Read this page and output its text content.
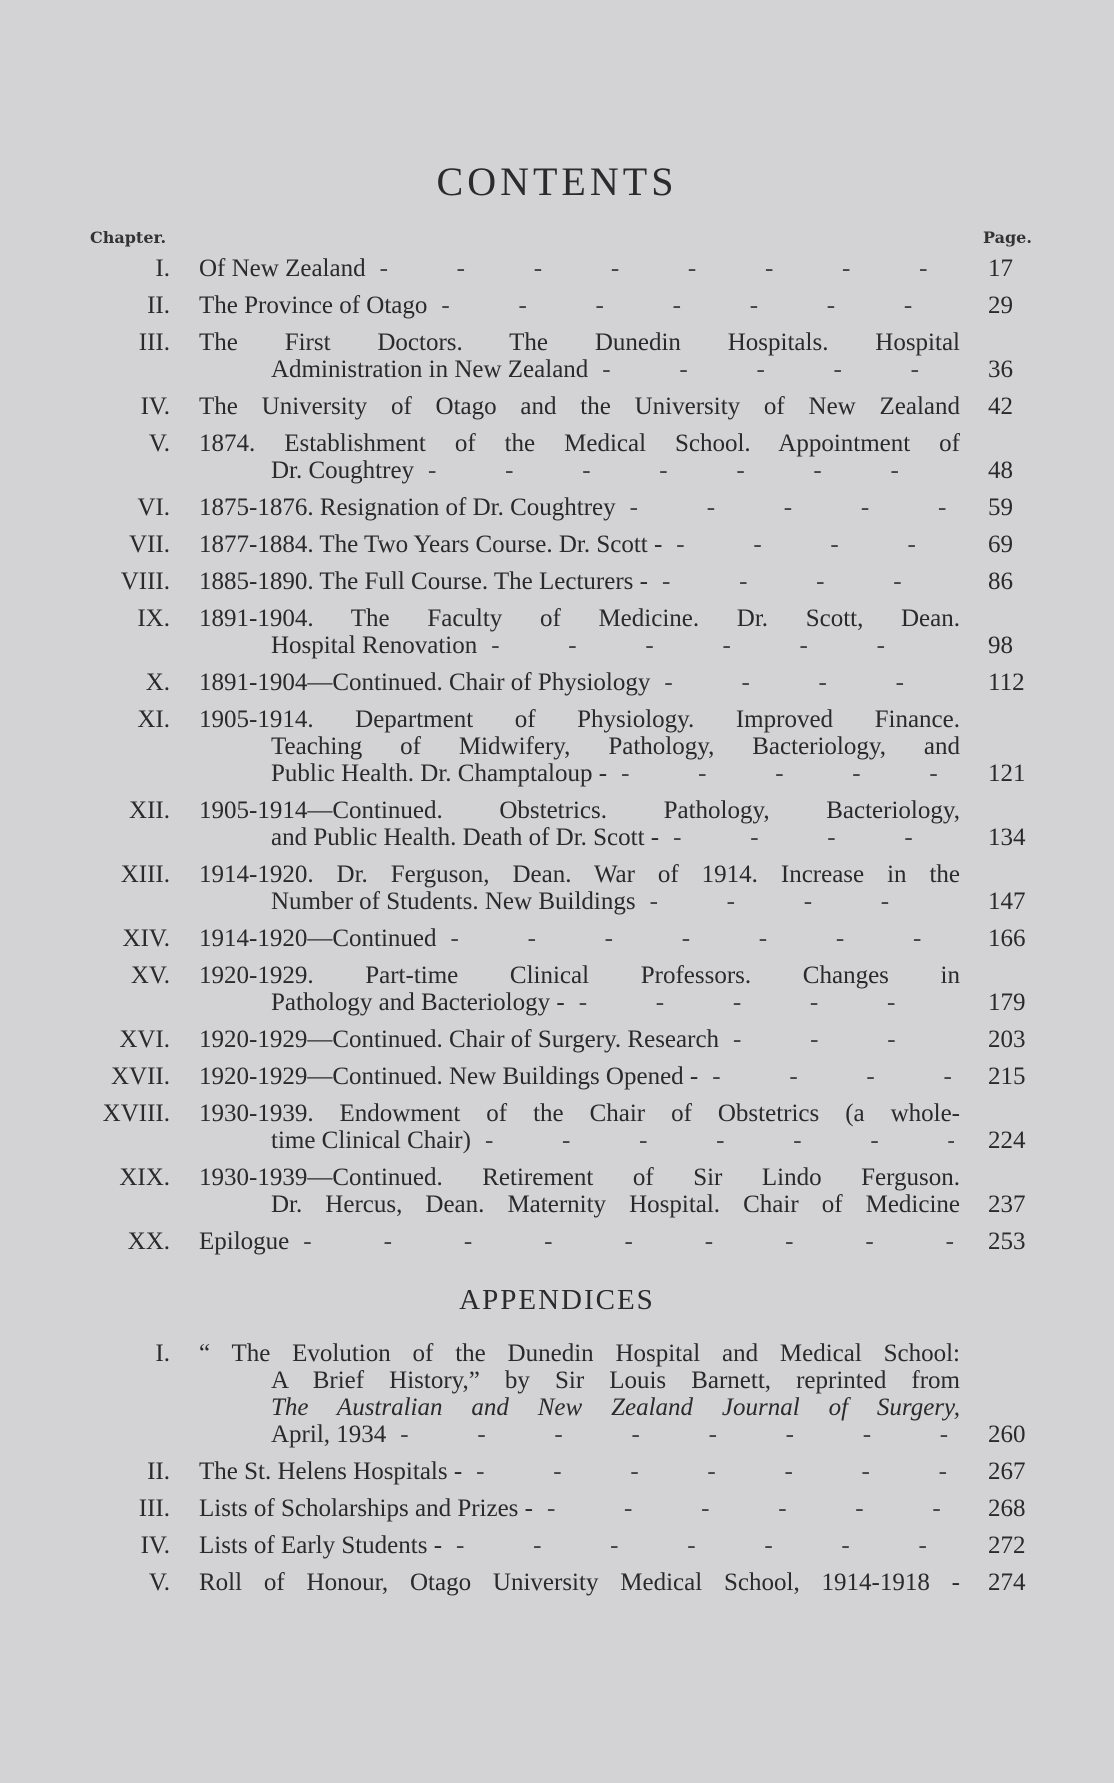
CONTENTS
Chapter.	Page.
I. Of New Zealand -	17
II. The Province of Otago -	29
III. The First Doctors. The Dunedin Hospitals. Hospital
Administration in New Zealand -	36
IV. The University of Otago and the University of New Zealand 42
V. 1874. Establishment of the Medical School. Appointment of
Dr. Coughtrey -	48
VI. 1875-1876. Resignation of Dr. Coughtrey -	59
VII. 1877-1884. The Two Years Course. Dr. Scott - -	69
VIII. 1885-1890. The Full Course. The Lecturers - -	86
IX. 1891-1904. The Faculty of Medicine. Dr. Scott, Dean.
Hospital Renovation -	98
X. 1891-1904—Continued. Chair of Physiology -	112
XI. 1905-1914. Department of Physiology. Improved Finance.
Teaching of Midwifery, Pathology, Bacteriology, and
Public Health. Dr. Champtaloup - -	121
XII. 1905-1914—Continued. Obstetrics. Pathology, Bacteriology,
and Public Health. Death of Dr. Scott - -	134
XIII. 1914-1920. Dr. Ferguson, Dean. War of 1914. Increase in the
Number of Students. New Buildings -	147
XIV. 1914-1920—Continued -	166
XV. 1920-1929. Part-time Clinical Professors. Changes in
Pathology and Bacteriology - -	179
XVI. 1920-1929—Continued. Chair of Surgery. Research -	203
XVII. 1920-1929—Continued. New Buildings Opened - -	215
XVIII. 1930-1939. Endowment of the Chair of Obstetrics (a whole-
time Clinical Chair) -	224
XIX. 1930-1939—Continued. Retirement of Sir Lindo Ferguson.
Dr. Hercus, Dean. Maternity Hospital. Chair of Medicine 237
XX. Epilogue -	253
APPENDICES
I. “ The Evolution of the Dunedin Hospital and Medical School:
A Brief History,” by Sir Louis Barnett, reprinted from
The Australian and New Zealand Journal of Surgery,
April, 1934 -	260
II. The St. Helens Hospitals - -	267
III. Lists of Scholarships and Prizes - -	268
IV. Lists of Early Students - -	272
V. Roll of Honour, Otago University Medical School, 1914-1918 - 274
